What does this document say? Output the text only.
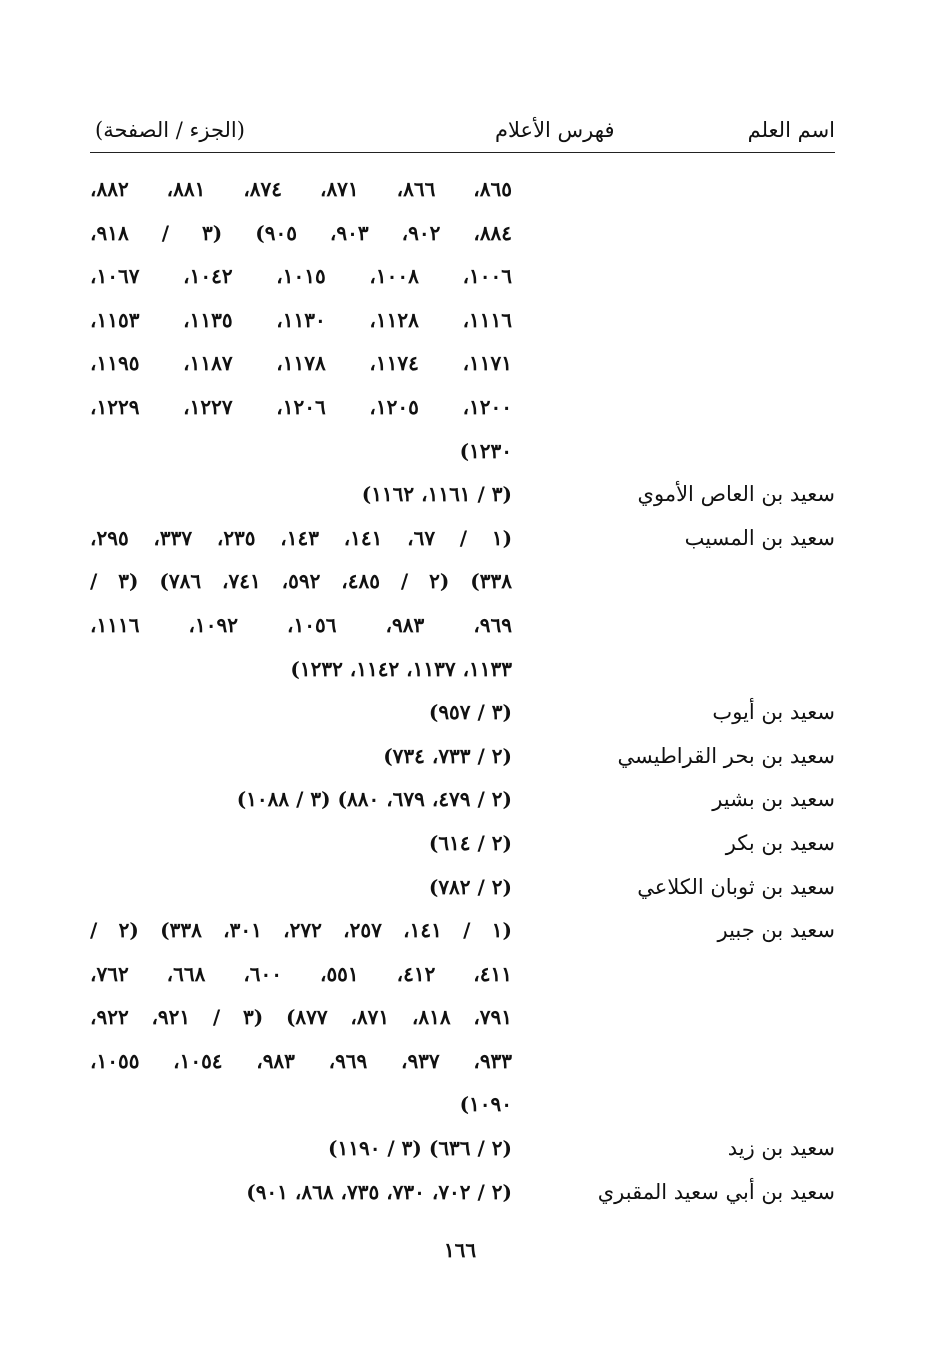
اسم العلم
فهرس الأعلام
(الجزء / الصفحة)
٨٦٥، ٨٦٦، ٨٧١، ٨٧٤، ٨٨١، ٨٨٢،
٨٨٤، ٩٠٢، ٩٠٣، ٩٠٥) (٣ / ٩١٨،
١٠٠٦، ١٠٠٨، ١٠١٥، ١٠٤٢، ١٠٦٧،
١١١٦، ١١٢٨، ١١٣٠، ١١٣٥، ١١٥٣،
١١٧١، ١١٧٤، ١١٧٨، ١١٨٧، ١١٩٥،
١٢٠٠، ١٢٠٥، ١٢٠٦، ١٢٢٧، ١٢٢٩،
١٢٣٠)
سعيد بن العاص الأموي
(٣ / ١١٦١، ١١٦٢)
سعيد بن المسيب
(١ / ٦٧، ١٤١، ١٤٣، ٢٣٥، ٣٣٧، ٢٩٥،
٣٣٨) (٢ / ٤٨٥، ٥٩٢، ٧٤١، ٧٨٦) (٣ /
٩٦٩، ٩٨٣، ١٠٥٦، ١٠٩٢، ١١١٦،
١١٣٣، ١١٣٧، ١١٤٢، ١٢٣٢)
سعيد بن أيوب
(٣ / ٩٥٧)
سعيد بن بحر القراطيسي
(٢ / ٧٣٣، ٧٣٤)
سعيد بن بشير
(٢ / ٤٧٩، ٦٧٩، ٨٨٠) (٣ / ١٠٨٨)
سعيد بن بكر
(٢ / ٦١٤)
سعيد بن ثوبان الكلاعي
(٢ / ٧٨٢)
سعيد بن جبير
(١ / ١٤١، ٢٥٧، ٢٧٢، ٣٠١، ٣٣٨) (٢ /
٤١١، ٤١٢، ٥٥١، ٦٠٠، ٦٦٨، ٧٦٢،
٧٩١، ٨١٨، ٨٧١، ٨٧٧) (٣ / ٩٢١، ٩٢٢،
٩٣٣، ٩٣٧، ٩٦٩، ٩٨٣، ١٠٥٤، ١٠٥٥،
١٠٩٠)
سعيد بن زيد
(٢ / ٦٣٦) (٣ / ١١٩٠)
سعيد بن أبي سعيد المقبري
(٢ / ٧٠٢، ٧٣٠، ٧٣٥، ٨٦٨، ٩٠١)
١٦٦
